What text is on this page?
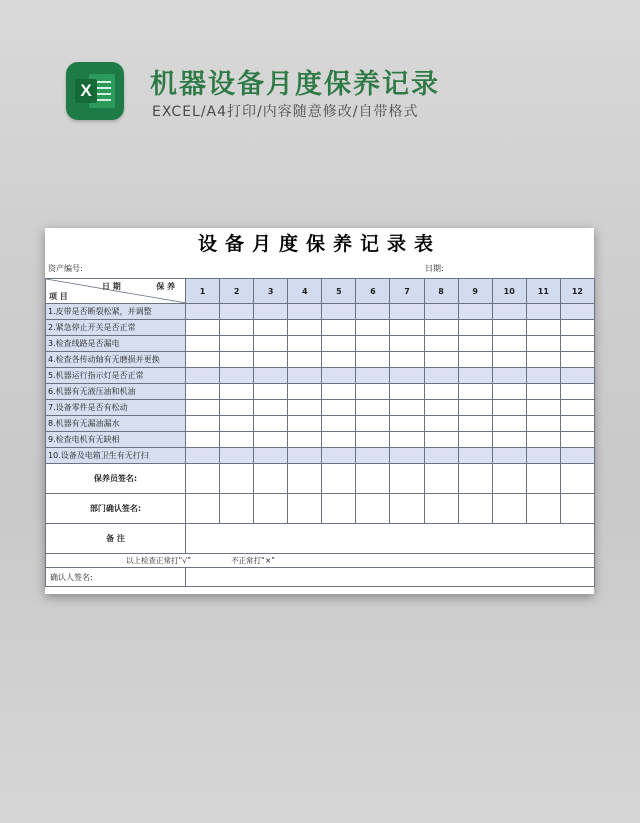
X 机器设备月度保养记录
EXCEL/A4打印/内容随意修改/自带格式
设备月度保养记录表
资产编号:	日期:
保 养
日 期
项 目	1	2	3	4	5	6	7	8	9	10	11	12
1.皮带是否断裂松紧，并调整												
2.紧急停止开关是否正常												
3.检查线路是否漏电												
4.检查各传动轴有无磨损并更换												
5.机器运行指示灯是否正常												
6.机器有无液压油和机油												
7.设备零件是否有松动												
8.机器有无漏油漏水												
9.检查电机有无缺相												
10.设备及电箱卫生有无打扫												
保养员签名:												
部门确认签名:												
备 注												
以上检查正常打“√” 不正常打“×”												
确认人签名:												
